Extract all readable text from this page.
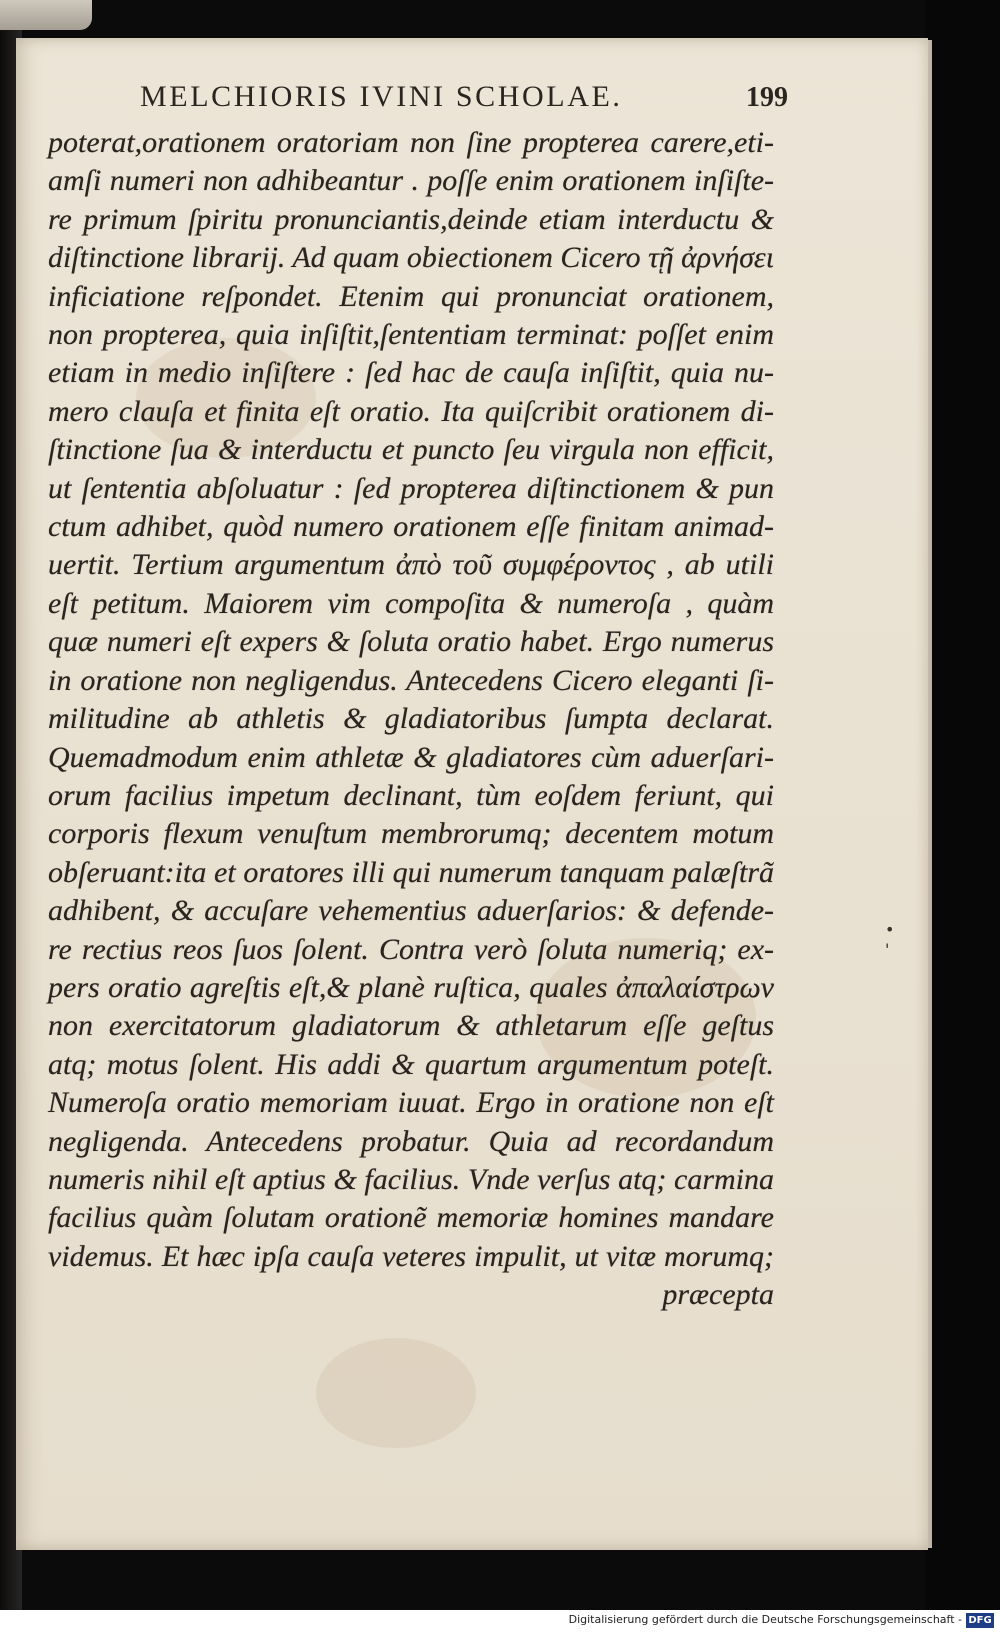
MELCHIORIS IVINI SCHOLAE.	199
poterat,orationem oratoriam non ſine propterea carere,eti-
amſi numeri non adhibeantur . poſſe enim orationem inſiſte-
re primum ſpiritu pronunciantis,deinde etiam interductu &
diſtinctione librarij. Ad quam obiectionem Cicero τῇ ἀρνήσει
inficiatione reſpondet. Etenim qui pronunciat orationem,
non propterea, quia inſiſtit,ſententiam terminat: poſſet enim
etiam in medio inſiſtere : ſed hac de cauſa inſiſtit, quia nu-
mero clauſa et finita eſt oratio. Ita quiſcribit orationem di-
ſtinctione ſua & interductu et puncto ſeu virgula non efficit,
ut ſententia abſoluatur : ſed propterea diſtinctionem & pun
ctum adhibet, quòd numero orationem eſſe finitam animad-
uertit. Tertium argumentum ἀπὸ τοῦ συμφέροντος , ab utili
eſt petitum. Maiorem vim compoſita & numeroſa , quàm
quæ numeri eſt expers & ſoluta oratio habet. Ergo numerus
in oratione non negligendus. Antecedens Cicero eleganti ſi-
militudine ab athletis & gladiatoribus ſumpta declarat.
Quemadmodum enim athletæ & gladiatores cùm aduerſari-
orum facilius impetum declinant, tùm eoſdem feriunt, qui
corporis flexum venuſtum membrorumq; decentem motum
obſeruant:ita et oratores illi qui numerum tanquam palæſtrã
adhibent, & accuſare vehementius aduerſarios: & defende-
re rectius reos ſuos ſolent. Contra verò ſoluta numeriq; ex-
pers oratio agreſtis eſt,& planè ruſtica, quales ἀπαλαίστρων
non exercitatorum gladiatorum & athletarum eſſe geſtus
atq; motus ſolent. His addi & quartum argumentum poteſt.
Numeroſa oratio memoriam iuuat. Ergo in oratione non eſt
negligenda. Antecedens probatur. Quia ad recordandum
numeris nihil eſt aptius & facilius. Vnde verſus atq; carmina
facilius quàm ſolutam orationẽ memoriæ homines mandare
videmus. Et hæc ipſa cauſa veteres impulit, ut vitæ morumq;
præcepta
• '
Digitalisierung gefördert durch die Deutsche Forschungsgemeinschaft - DFG
